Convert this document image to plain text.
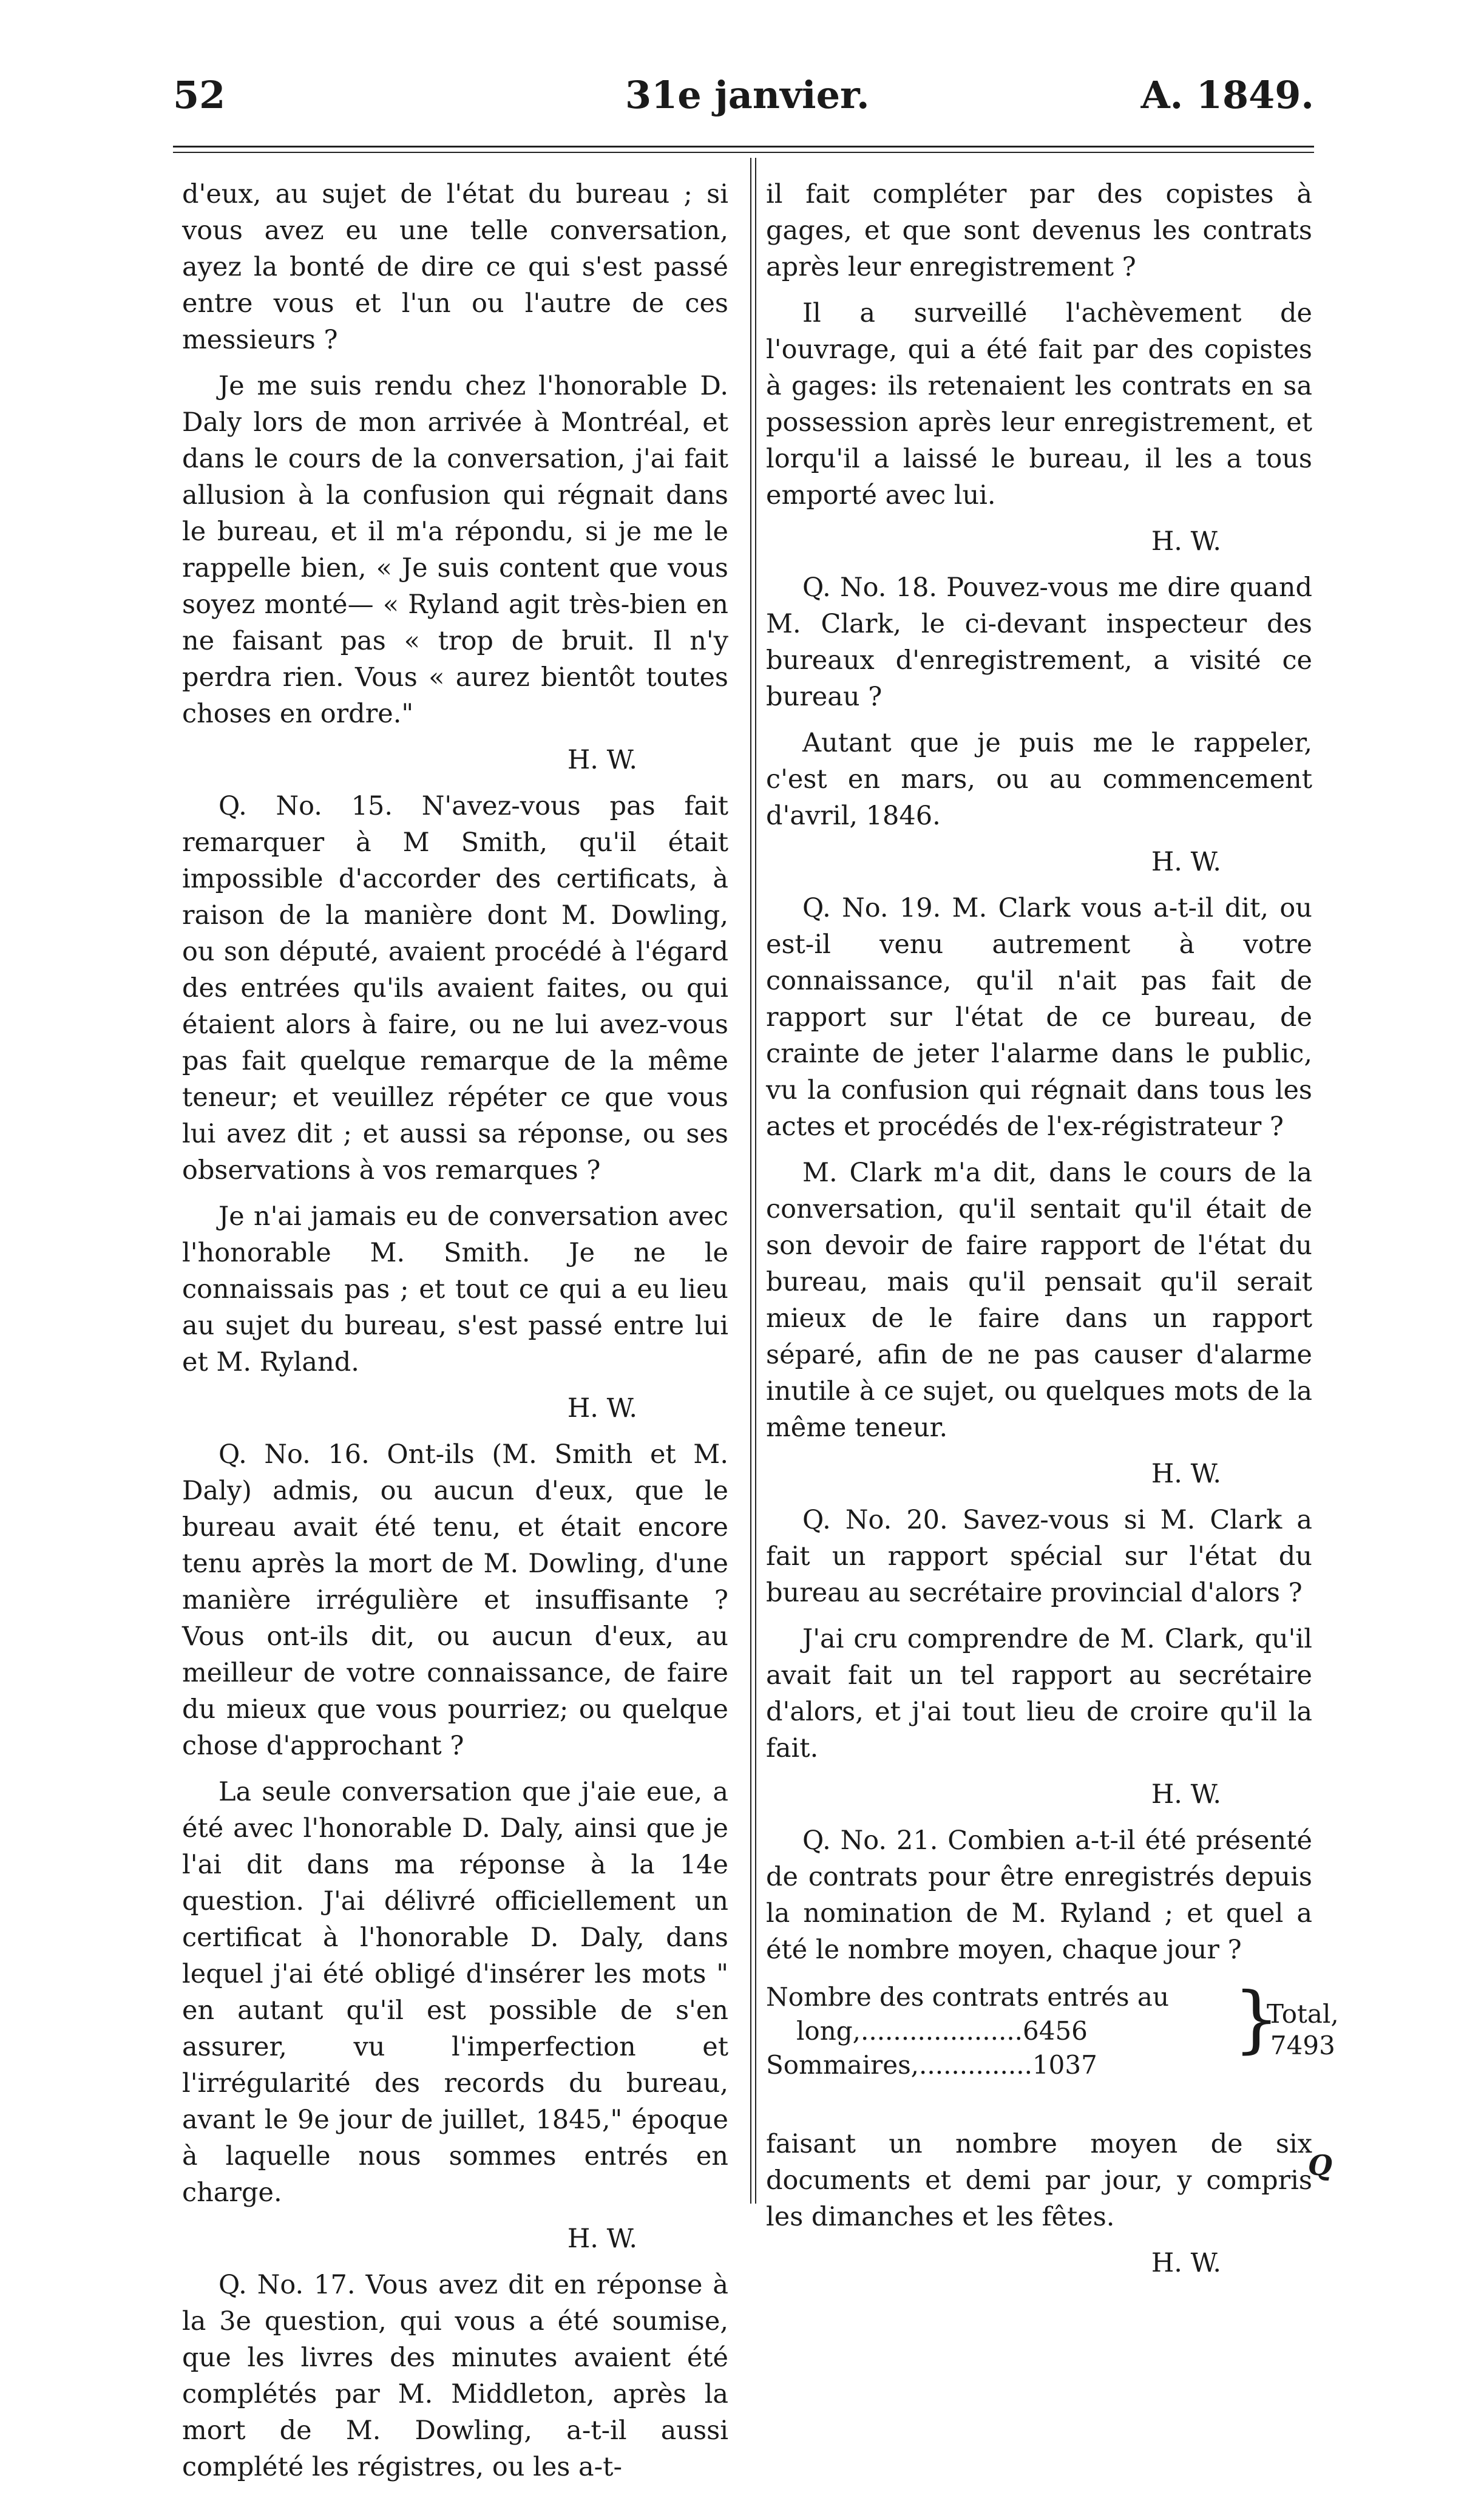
52	31e janvier.	A. 1849.

d'eux, au sujet de l'état du bureau ; si vous avez eu une telle conversation, ayez la bonté de dire ce qui s'est passé entre vous et l'un ou l'autre de ces messieurs ?

Je me suis rendu chez l'honorable D. Daly lors de mon arrivée à Montréal, et dans le cours de la conversation, j'ai fait allusion à la confusion qui régnait dans le bureau, et il m'a répondu, si je me le rappelle bien, « Je suis content que vous soyez monté— « Ryland agit très-bien en ne faisant pas « trop de bruit. Il n'y perdra rien. Vous « aurez bientôt toutes choses en ordre."

H. W.

Q. No. 15. N'avez-vous pas fait remarquer à M Smith, qu'il était impossible d'accorder des certificats, à raison de la manière dont M. Dowling, ou son député, avaient procédé à l'égard des entrées qu'ils avaient faites, ou qui étaient alors à faire, ou ne lui avez-vous pas fait quelque remarque de la même teneur; et veuillez répéter ce que vous lui avez dit ; et aussi sa réponse, ou ses observations à vos remarques ?

Je n'ai jamais eu de conversation avec l'honorable M. Smith. Je ne le connaissais pas ; et tout ce qui a eu lieu au sujet du bureau, s'est passé entre lui et M. Ryland.

H. W.

Q. No. 16. Ont-ils (M. Smith et M. Daly) admis, ou aucun d'eux, que le bureau avait été tenu, et était encore tenu après la mort de M. Dowling, d'une manière irrégulière et insuffisante ? Vous ont-ils dit, ou aucun d'eux, au meilleur de votre connaissance, de faire du mieux que vous pourriez; ou quelque chose d'approchant ?

La seule conversation que j'aie eue, a été avec l'honorable D. Daly, ainsi que je l'ai dit dans ma réponse à la 14e question. J'ai délivré officiellement un certificat à l'honorable D. Daly, dans lequel j'ai été obligé d'insérer les mots " en autant qu'il est possible de s'en assurer, vu l'imperfection et l'irrégularité des records du bureau, avant le 9e jour de juillet, 1845," époque à laquelle nous sommes entrés en charge.

H. W.

Q. No. 17. Vous avez dit en réponse à la 3e question, qui vous a été soumise, que les livres des minutes avaient été complétés par M. Middleton, après la mort de M. Dowling, a-t-il aussi complété les régistres, ou les a-t-

il fait compléter par des copistes à gages, et que sont devenus les contrats après leur enregistrement ?

Il a surveillé l'achèvement de l'ouvrage, qui a été fait par des copistes à gages: ils retenaient les contrats en sa possession après leur enregistrement, et lorqu'il a laissé le bureau, il les a tous emporté avec lui.

H. W.

Q. No. 18. Pouvez-vous me dire quand M. Clark, le ci-devant inspecteur des bureaux d'enregistrement, a visité ce bureau ?

Autant que je puis me le rappeler, c'est en mars, ou au commencement d'avril, 1846.

H. W.

Q. No. 19. M. Clark vous a-t-il dit, ou est-il venu autrement à votre connaissance, qu'il n'ait pas fait de rapport sur l'état de ce bureau, de crainte de jeter l'alarme dans le public, vu la confusion qui régnait dans tous les actes et procédés de l'ex-régistrateur ?

M. Clark m'a dit, dans le cours de la conversation, qu'il sentait qu'il était de son devoir de faire rapport de l'état du bureau, mais qu'il pensait qu'il serait mieux de le faire dans un rapport séparé, afin de ne pas causer d'alarme inutile à ce sujet, ou quelques mots de la même teneur.

H. W.

Q. No. 20. Savez-vous si M. Clark a fait un rapport spécial sur l'état du bureau au secrétaire provincial d'alors ?

J'ai cru comprendre de M. Clark, qu'il avait fait un tel rapport au secrétaire d'alors, et j'ai tout lieu de croire qu'il la fait.

H. W.

Q. No. 21. Combien a-t-il été présenté de contrats pour être enregistrés depuis la nomination de M. Ryland ; et quel a été le nombre moyen, chaque jour ?

Nombre des contrats entrés au
long,....................6456
Sommaires,..............1037
}
Total,
7493

faisant un nombre moyen de six documents et demi par jour, y compris les dimanches et les fêtes.

H. W.

Q
